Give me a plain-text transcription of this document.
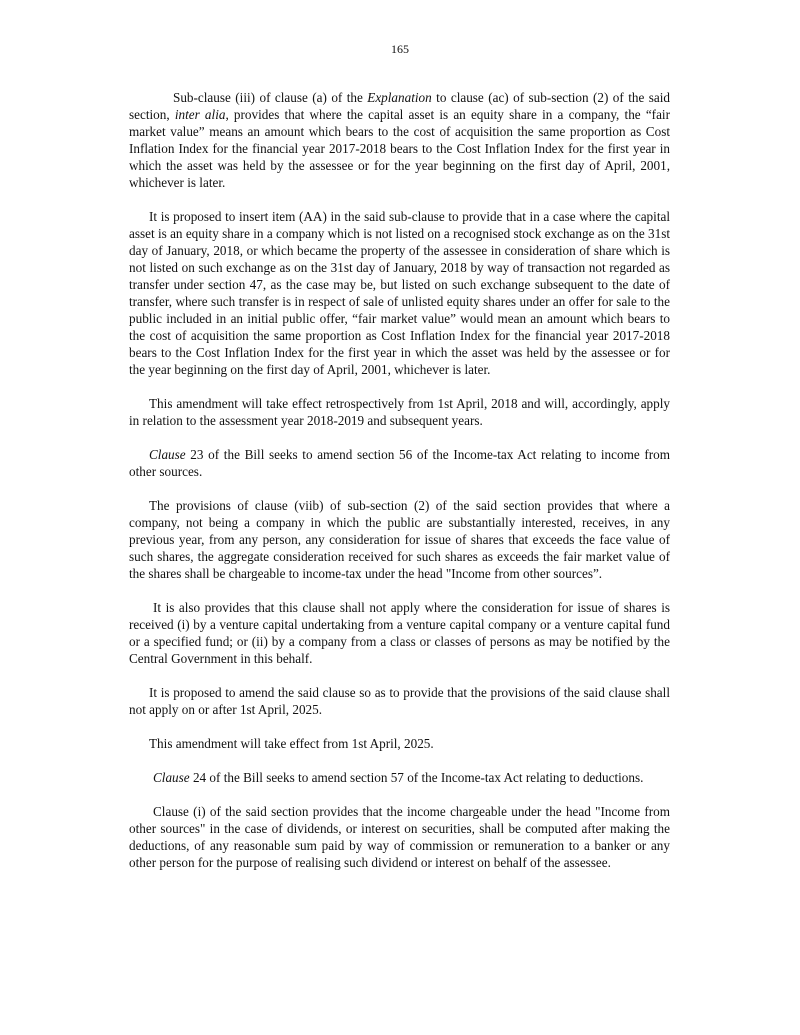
165

Sub-clause (iii) of clause (a) of the Explanation to clause (ac) of sub-section (2) of the said section, inter alia, provides that where the capital asset is an equity share in a company, the “fair market value” means an amount which bears to the cost of acquisition the same proportion as Cost Inflation Index for the financial year 2017-2018 bears to the Cost Inflation Index for the first year in which the asset was held by the assessee or for the year beginning on the first day of April, 2001, whichever is later.

It is proposed to insert item (AA) in the said sub-clause to provide that in a case where the capital asset is an equity share in a company which is not listed on a recognised stock exchange as on the 31st day of January, 2018, or which became the property of the assessee in consideration of share which is not listed on such exchange as on the 31st day of January, 2018 by way of transaction not regarded as transfer under section 47, as the case may be, but listed on such exchange subsequent to the date of transfer, where such transfer is in respect of sale of unlisted equity shares under an offer for sale to the public included in an initial public offer, “fair market value” would mean an amount which bears to the cost of acquisition the same proportion as Cost Inflation Index for the financial year 2017-2018 bears to the Cost Inflation Index for the first year in which the asset was held by the assessee or for the year beginning on the first day of April, 2001, whichever is later.

This amendment will take effect retrospectively from 1st April, 2018 and will, accordingly, apply in relation to the assessment year 2018-2019 and subsequent years.

Clause 23 of the Bill seeks to amend section 56 of the Income-tax Act relating to income from other sources.

The provisions of clause (viib) of sub-section (2) of the said section provides that where a company, not being a company in which the public are substantially interested, receives, in any previous year, from any person, any consideration for issue of shares that exceeds the face value of such shares, the aggregate consideration received for such shares as exceeds the fair market value of the shares shall be chargeable to income-tax under the head "Income from other sources”.

It is also provides that this clause shall not apply where the consideration for issue of shares is received (i) by a venture capital undertaking from a venture capital company or a venture capital fund or a specified fund; or (ii) by a company from a class or classes of persons as may be notified by the Central Government in this behalf.

It is proposed to amend the said clause so as to provide that the provisions of the said clause shall not apply on or after 1st April, 2025.

This amendment will take effect from 1st April, 2025.

Clause 24 of the Bill seeks to amend section 57 of the Income-tax Act relating to deductions.

Clause (i) of the said section provides that the income chargeable under the head "Income from other sources" in the case of dividends, or interest on securities, shall be computed after making the deductions, of any reasonable sum paid by way of commission or remuneration to a banker or any other person for the purpose of realising such dividend or interest on behalf of the assessee.
